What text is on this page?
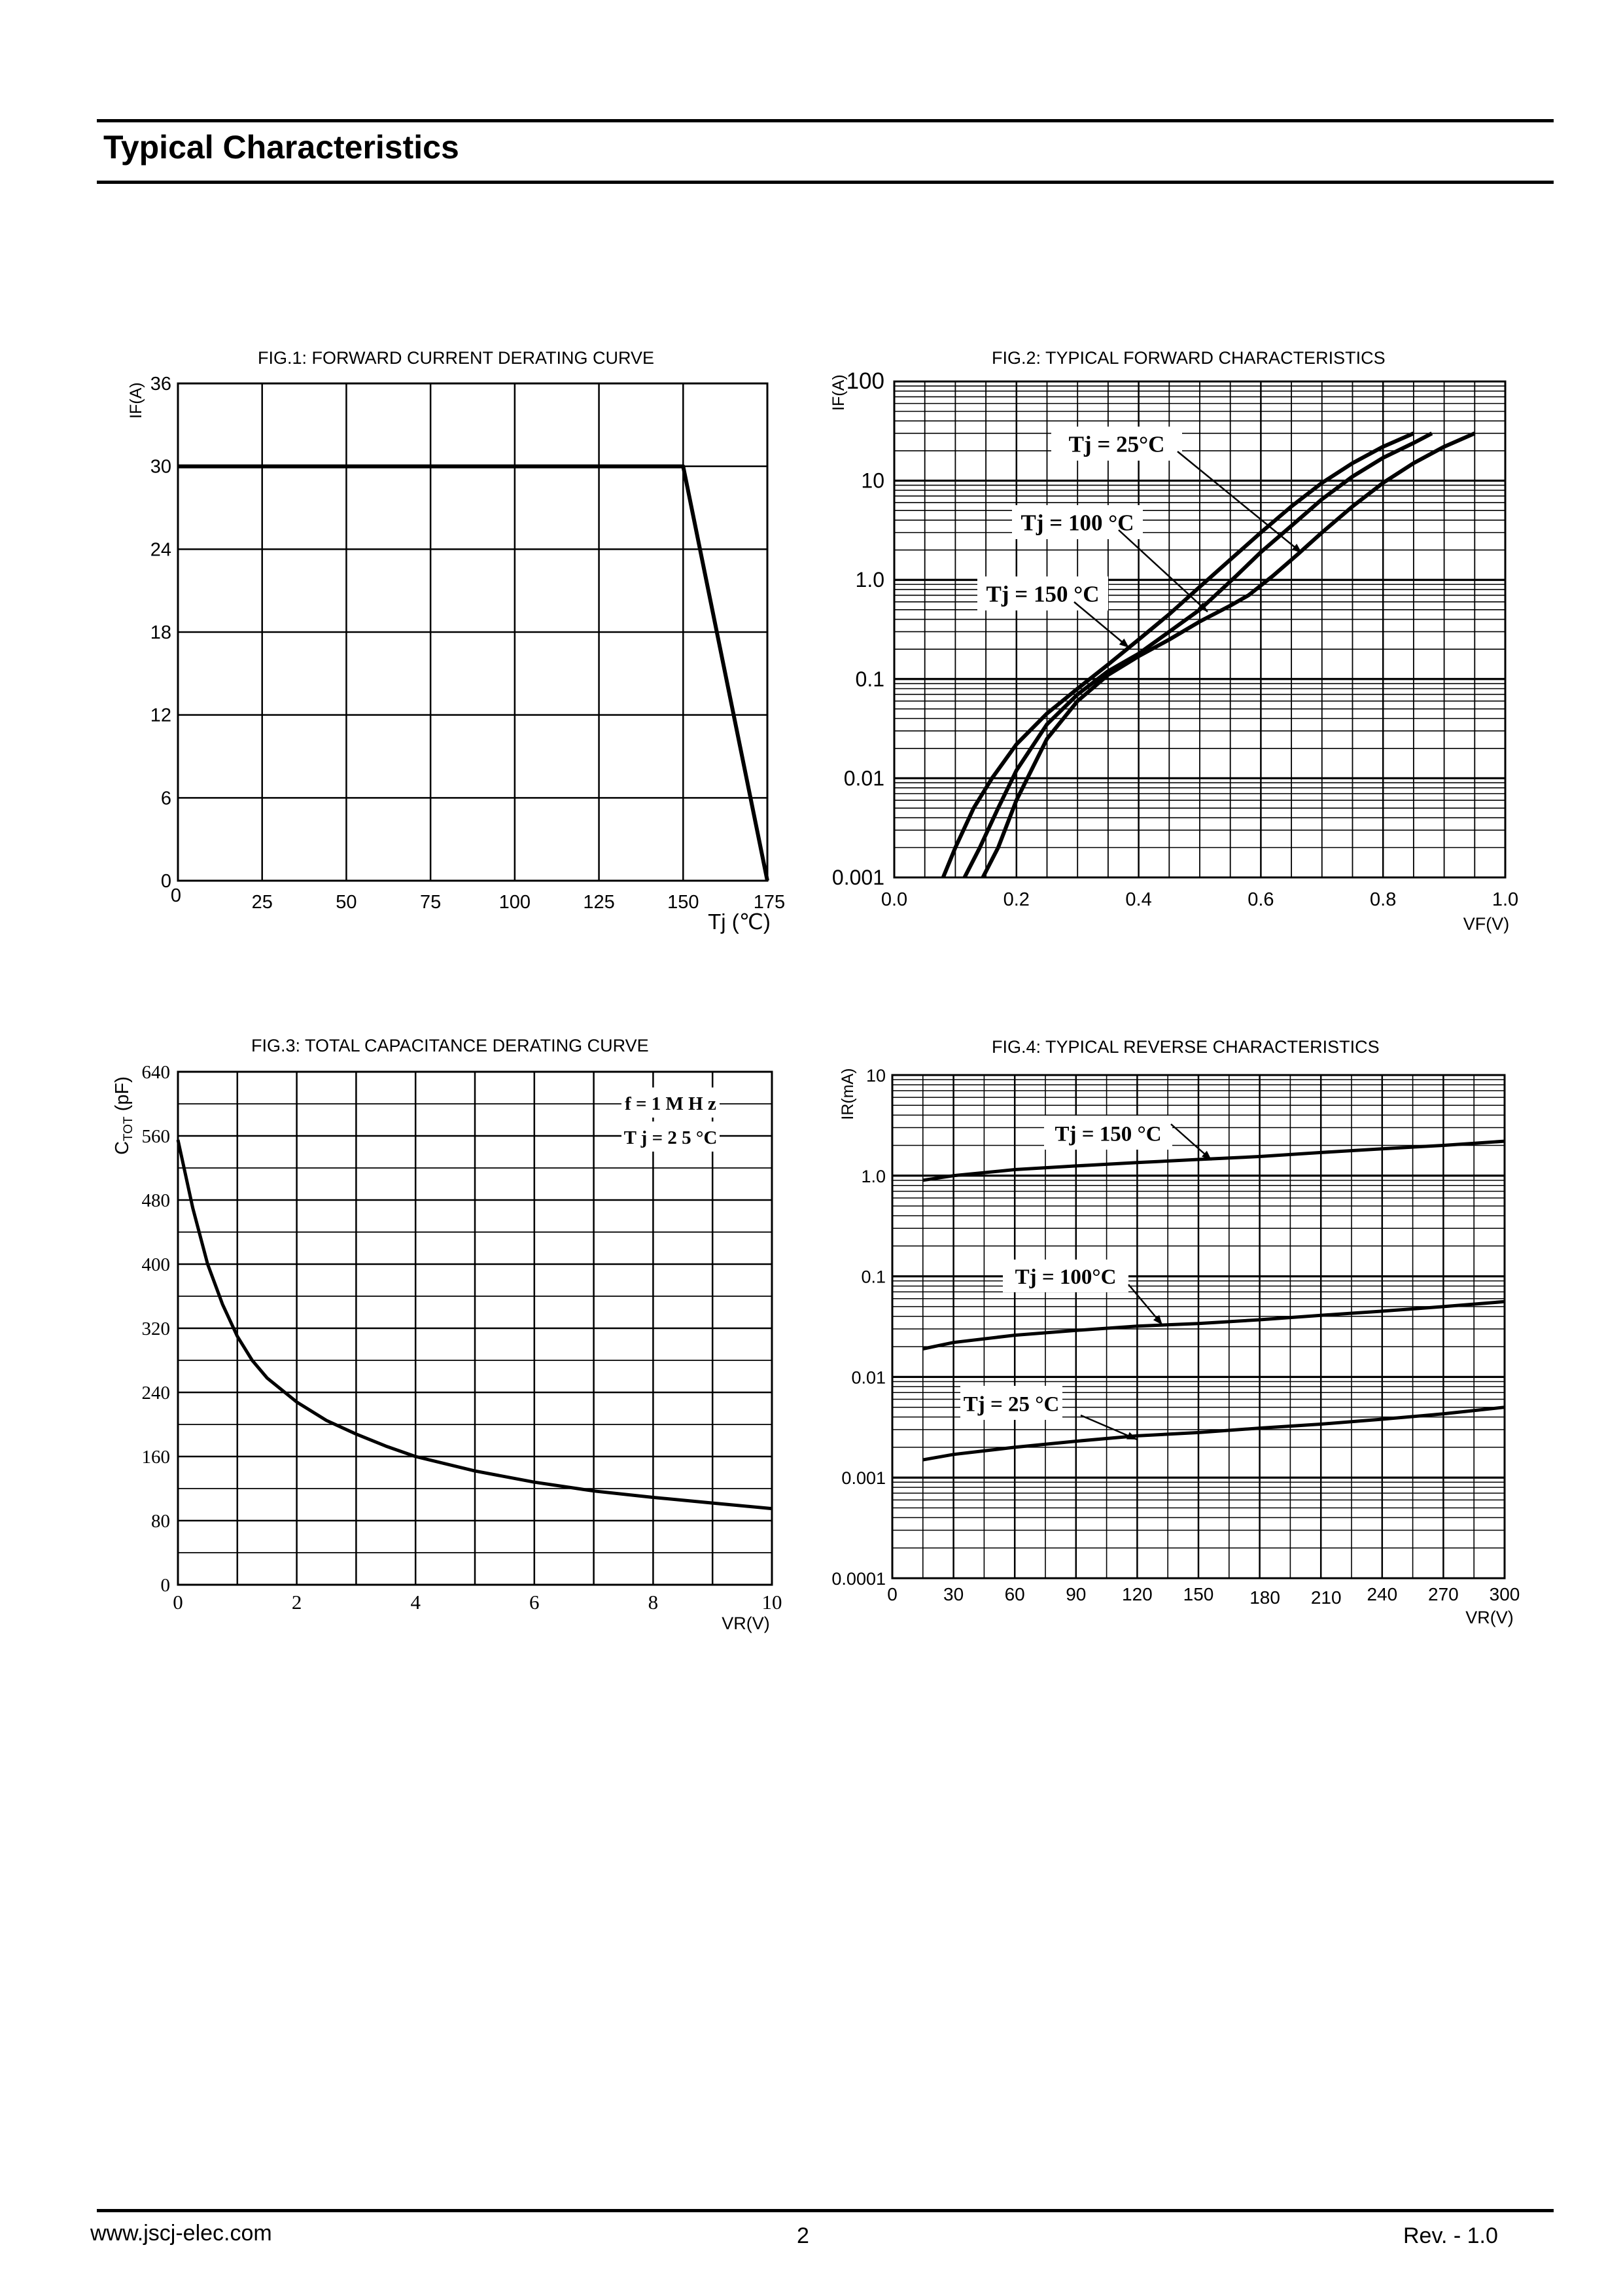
Typical Characteristics
FIG.1: FORWARD CURRENT DERATING CURVE	FIG.2: TYPICAL FORWARD CHARACTERISTICS
FIG.3: TOTAL CAPACITANCE DERATING CURVE	FIG.4: TYPICAL REVERSE CHARACTERISTICS
0	25	50	75	100	125	150	175
0
6
12
18
24
30
36
Tj (℃)
IF(A)
0.0	0.2	0.4	0.6	0.8	1.0
0.001
0.01
0.1
1.0
10
100
VF(V)
IF(A)
Tj = 25°C
Tj = 100 °C
Tj = 150 °C
0	2	4	6	8	10
0
80
160
240
320
400
480
560
640
VR(V)
$C_{TOT}$ (pF)	f = 1 M H z
T j = 2 5 °C
0	30 60 90 120 150 180 210 240 270 300
0.0001
0.001
0.01
0.1
1.0
10
VR(V)
IR(mA)
Tj = 150 °C
Tj = 100°C
Tj = 25 °C
www.jscj-elec.com	2	Rev. - 1.0
